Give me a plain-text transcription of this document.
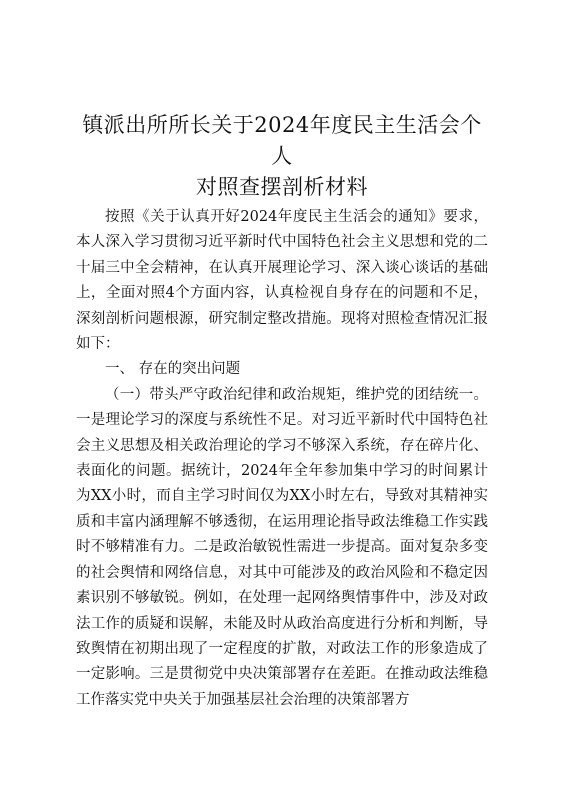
镇派出所所长关于2024年度民主生活会个人
对照查摆剖析材料

按照《关于认真开好2024年度民主生活会的通知》要求，本人深入学习贯彻习近平新时代中国特色社会主义思想和党的二十届三中全会精神，在认真开展理论学习、深入谈心谈话的基础上，全面对照4个方面内容，认真检视自身存在的问题和不足，深刻剖析问题根源，研究制定整改措施。现将对照检查情况汇报如下：

一、 存在的突出问题

（一）带头严守政治纪律和政治规矩，维护党的团结统一。一是理论学习的深度与系统性不足。对习近平新时代中国特色社会主义思想及相关政治理论的学习不够深入系统，存在碎片化、表面化的问题。据统计，2024年全年参加集中学习的时间累计为XX小时，而自主学习时间仅为XX小时左右，导致对其精神实质和丰富内涵理解不够透彻，在运用理论指导政法维稳工作实践时不够精准有力。二是政治敏锐性需进一步提高。面对复杂多变的社会舆情和网络信息，对其中可能涉及的政治风险和不稳定因素识别不够敏锐。例如，在处理一起网络舆情事件中，涉及对政法工作的质疑和误解，未能及时从政治高度进行分析和判断，导致舆情在初期出现了一定程度的扩散，对政法工作的形象造成了一定影响。三是贯彻党中央决策部署存在差距。在推动政法维稳工作落实党中央关于加强基层社会治理的决策部署方
